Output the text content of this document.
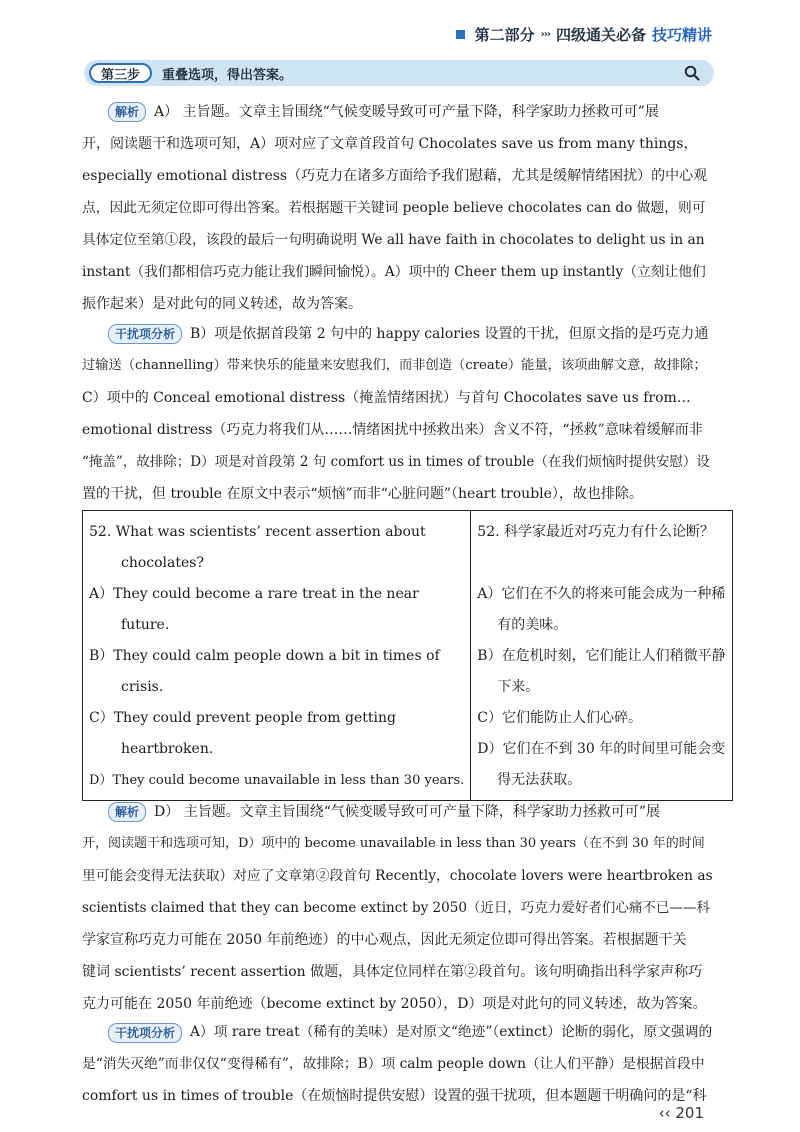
第二部分 ››› 四级通关必备 技巧精讲
第三步	重叠选项，得出答案。
解析 A） 主旨题。文章主旨围绕“气候变暖导致可可产量下降，科学家助力拯救可可”展
开，阅读题干和选项可知，A）项对应了文章首段首句 Chocolates save us from many things，
especially emotional distress（巧克力在诸多方面给予我们慰藉，尤其是缓解情绪困扰）的中心观
点，因此无须定位即可得出答案。若根据题干关键词 people believe chocolates can do 做题，则可
具体定位至第①段，该段的最后一句明确说明 We all have faith in chocolates to delight us in an
instant（我们都相信巧克力能让我们瞬间愉悦）。A）项中的 Cheer them up instantly（立刻让他们
振作起来）是对此句的同义转述，故为答案。
干扰项分析 B）项是依据首段第 2 句中的 happy calories 设置的干扰，但原文指的是巧克力通
过输送（channelling）带来快乐的能量来安慰我们，而非创造（create）能量，该项曲解文意，故排除；
C）项中的 Conceal emotional distress（掩盖情绪困扰）与首句 Chocolates save us from…
emotional distress（巧克力将我们从……情绪困扰中拯救出来）含义不符，“拯救”意味着缓解而非
“掩盖”，故排除；D）项是对首段第 2 句 comfort us in times of trouble（在我们烦恼时提供安慰）设
置的干扰，但 trouble 在原文中表示“烦恼”而非“心脏问题”（heart trouble），故也排除。
52. What was scientists’ recent assertion about
chocolates?
A）They could become a rare treat in the near
future.
B）They could calm people down a bit in times of
crisis.
C）They could prevent people from getting
heartbroken.
D）They could become unavailable in less than 30 years.

52. 科学家最近对巧克力有什么论断？
A）它们在不久的将来可能会成为一种稀
有的美味。
B）在危机时刻，它们能让人们稍微平静
下来。
C）它们能防止人们心碎。
D）它们在不到 30 年的时间里可能会变
得无法获取。
解析 D） 主旨题。文章主旨围绕“气候变暖导致可可产量下降，科学家助力拯救可可”展
开，阅读题干和选项可知，D）项中的 become unavailable in less than 30 years（在不到 30 年的时间
里可能会变得无法获取）对应了文章第②段首句 Recently，chocolate lovers were heartbroken as
scientists claimed that they can become extinct by 2050（近日，巧克力爱好者们心痛不已——科
学家宣称巧克力可能在 2050 年前绝迹）的中心观点，因此无须定位即可得出答案。若根据题干关
键词 scientists’ recent assertion 做题，具体定位同样在第②段首句。该句明确指出科学家声称巧
克力可能在 2050 年前绝迹（become extinct by 2050），D）项是对此句的同义转述，故为答案。
干扰项分析 A）项 rare treat（稀有的美味）是对原文“绝迹”（extinct）论断的弱化，原文强调的
是“消失灭绝”而非仅仅“变得稀有”，故排除；B）项 calm people down（让人们平静）是根据首段中
comfort us in times of trouble（在烦恼时提供安慰）设置的强干扰项，但本题题干明确问的是“科
‹‹ 201
